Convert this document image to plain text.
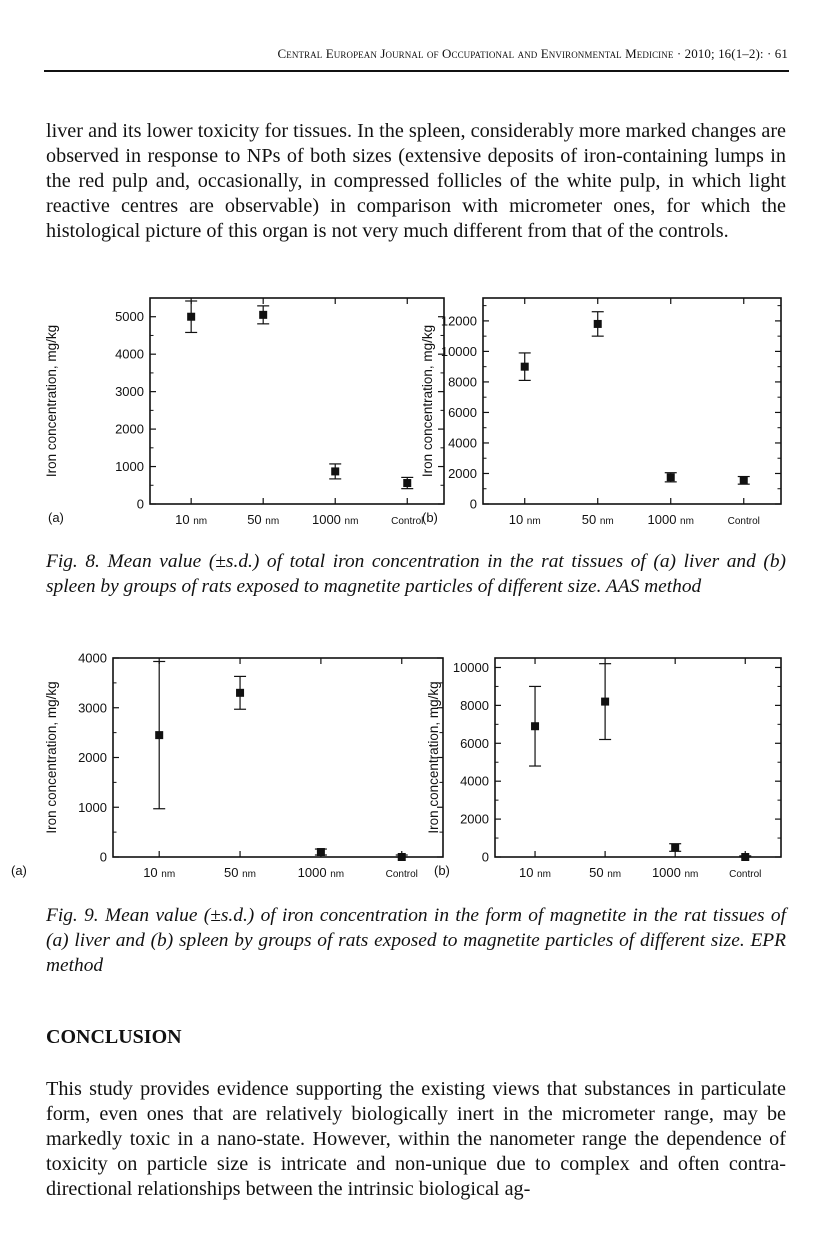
Central European Journal of Occupational and Environmental Medicine · 2010; 16(1–2): · 61
liver and its lower toxicity for tissues. In the spleen, considerably more marked changes are observed in response to NPs of both sizes (extensive deposits of iron-containing lumps in the red pulp and, occasionally, in compressed follicles of the white pulp, in which light reactive centres are observable) in comparison with micrometer ones, for which the histological picture of this organ is not very much different from that of the controls.
0
1000
2000
3000
4000
5000
10 nm	50 nm	1000 nm	Control
Iron concentration, mg/kg
(a)
0
2000
4000
6000
8000
10000
12000
10 nm	50 nm	1000 nm	Control
Iron concentration, mg/kg
(b)
Fig. 8. Mean value (±s.d.) of total iron concentration in the rat tissues of (a) liver and (b) spleen by groups of rats exposed to magnetite particles of different size. AAS method
0
1000
2000
3000
4000
10 nm	50 nm	1000 nm	Control
Iron concentration, mg/kg
(a)
0
2000
4000
6000
8000
10000
10 nm	50 nm 1000 nm	Control
Iron concentration, mg/kg
(b)
Fig. 9. Mean value (±s.d.) of iron concentration in the form of magnetite in the rat tissues of (a) liver and (b) spleen by groups of rats exposed to magnetite particles of different size. EPR method
CONCLUSION
This study provides evidence supporting the existing views that substances in particulate form, even ones that are relatively biologically inert in the micrometer range, may be markedly toxic in a nano-state. However, within the nanometer range the dependence of toxicity on particle size is intricate and non-unique due to complex and often contra-directional relationships between the intrinsic biological ag-
